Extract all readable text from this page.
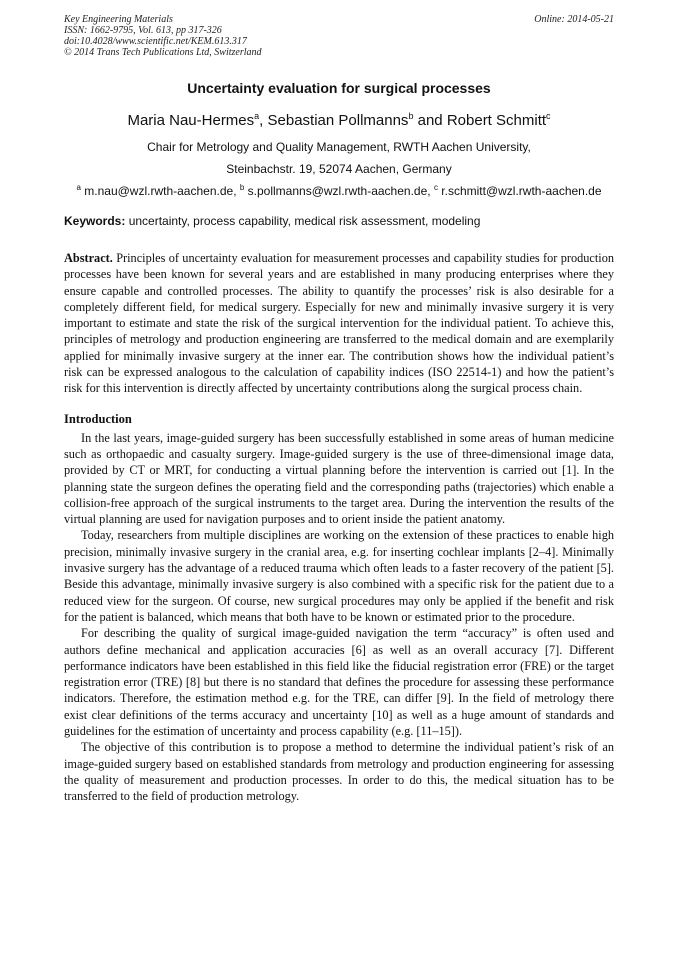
Key Engineering Materials
ISSN: 1662-9795, Vol. 613, pp 317-326
doi:10.4028/www.scientific.net/KEM.613.317
© 2014 Trans Tech Publications Ltd, Switzerland
Online: 2014-05-21
Uncertainty evaluation for surgical processes
Maria Nau-Hermes$^a$, Sebastian Pollmanns$^b$ and Robert Schmitt$^c$
Chair for Metrology and Quality Management, RWTH Aachen University,
Steinbachstr. 19, 52074 Aachen, Germany
$^a$ m.nau@wzl.rwth-aachen.de, $^b$ s.pollmanns@wzl.rwth-aachen.de, $^c$ r.schmitt@wzl.rwth-aachen.de
Keywords: uncertainty, process capability, medical risk assessment, modeling

Abstract. Principles of uncertainty evaluation for measurement processes and capability studies for production processes have been known for several years and are established in many producing enterprises where they ensure capable and controlled processes. The ability to quantify the processes’ risk is also desirable for a completely different field, for medical surgery. Especially for new and minimally invasive surgery it is very important to estimate and state the risk of the surgical intervention for the individual patient. To achieve this, principles of metrology and production engineering are transferred to the medical domain and are exemplarily applied for minimally invasive surgery at the inner ear. The contribution shows how the individual patient’s risk can be expressed analogous to the calculation of capability indices (ISO 22514-1) and how the patient’s risk for this intervention is directly affected by uncertainty contributions along the surgical process chain.

Introduction

In the last years, image-guided surgery has been successfully established in some areas of human medicine such as orthopaedic and casualty surgery. Image-guided surgery is the use of three-dimensional image data, provided by CT or MRT, for conducting a virtual planning before the intervention is carried out [1]. In the planning state the surgeon defines the operating field and the corresponding paths (trajectories) which enable a collision-free approach of the surgical instruments to the target area. During the intervention the results of the virtual planning are used for navigation purposes and to orient inside the patient anatomy.

Today, researchers from multiple disciplines are working on the extension of these practices to enable high precision, minimally invasive surgery in the cranial area, e.g. for inserting cochlear implants [2–4]. Minimally invasive surgery has the advantage of a reduced trauma which often leads to a faster recovery of the patient [5]. Beside this advantage, minimally invasive surgery is also combined with a specific risk for the patient due to a reduced view for the surgeon. Of course, new surgical procedures may only be applied if the benefit and risk for the patient is balanced, which means that both have to be known or estimated prior to the procedure.

For describing the quality of surgical image-guided navigation the term “accuracy” is often used and authors define mechanical and application accuracies [6] as well as an overall accuracy [7]. Different performance indicators have been established in this field like the fiducial registration error (FRE) or the target registration error (TRE) [8] but there is no standard that defines the procedure for assessing these performance indicators. Therefore, the estimation method e.g. for the TRE, can differ [9]. In the field of metrology there exist clear definitions of the terms accuracy and uncertainty [10] as well as a huge amount of standards and guidelines for the estimation of uncertainty and process capability (e.g. [11–15]).

The objective of this contribution is to propose a method to determine the individual patient’s risk of an image-guided surgery based on established standards from metrology and production engineering for assessing the quality of measurement and production processes. In order to do this, the medical situation has to be transferred to the field of production metrology.
